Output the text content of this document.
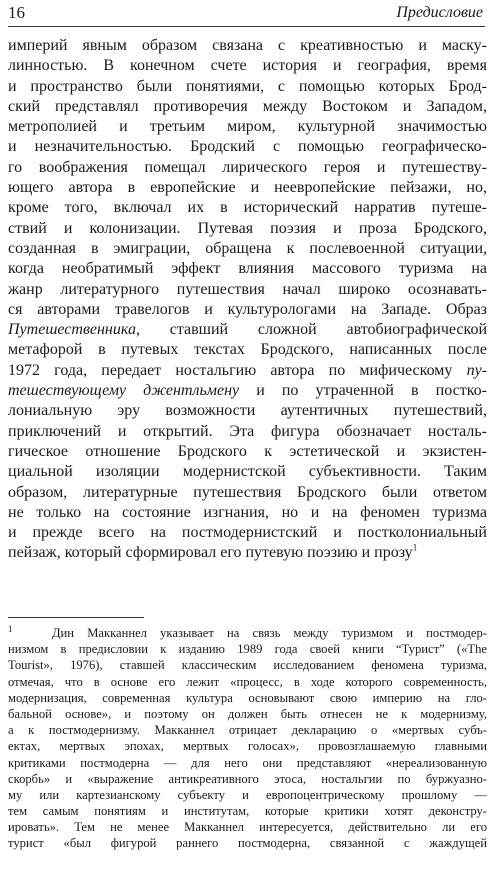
16	Предисловие
империй явным образом связана с креативностью и маску-
линностью. В конечном счете история и география, время
и пространство были понятиями, с помощью которых Брод-
ский представлял противоречия между Востоком и Западом,
метрополией и третьим миром, культурной значимостью
и незначительностью. Бродский с помощью географическо-
го воображения помещал лирического героя и путешеству-
ющего автора в европейские и неевропейские пейзажи, но,
кроме того, включал их в исторический нарратив путеше-
ствий и колонизации. Путевая поэзия и проза Бродского,
созданная в эмиграции, обращена к послевоенной ситуации,
когда необратимый эффект влияния массового туризма на
жанр литературного путешествия начал широко осознавать-
ся авторами травелогов и культурологами на Западе. Образ
Путешественника, ставший сложной автобиографической
метафорой в путевых текстах Бродского, написанных после
1972 года, передает ностальгию автора по мифическому пу-
тешествующему джентльмену и по утраченной в постко-
лониальную эру возможности аутентичных путешествий,
приключений и открытий. Эта фигура обозначает носталь-
гическое отношение Бродского к эстетической и экзистен-
циальной изоляции модернистской субъективности. Таким
образом, литературные путешествия Бродского были ответом
не только на состояние изгнания, но и на феномен туризма
и прежде всего на постмодернистский и постколониальный
пейзаж, который сформировал его путевую поэзию и прозу$^1$
$^1$	Дин Макканнел указывает на связь между туризмом и постмодер-
низмом в предисловии к изданию 1989 года своей книги “Турист” («The
Tourist», 1976), ставшей классическим исследованием феномена туризма,
отмечая, что в основе его лежит «процесс, в ходе которого современность,
модернизация, современная культура основывают свою империю на гло-
бальной основе», и поэтому он должен быть отнесен не к модернизму,
а к постмодернизму. Макканнел отрицает декларацию о «мертвых субъ-
ектах, мертвых эпохах, мертвых голосах», провозглашаемую главными
критиками постмодерна — для него они представляют «нереализованную
скорбь» и «выражение антикреативного этоса, ностальгии по буржуазно-
му или картезианскому субъекту и европоцентрическому прошлому —
тем самым понятиям и институтам, которые критики хотят деконстру-
ировать». Тем не менее Макканнел интересуется, действительно ли его
турист «был фигурой раннего постмодерна, связанной с жаждущей
